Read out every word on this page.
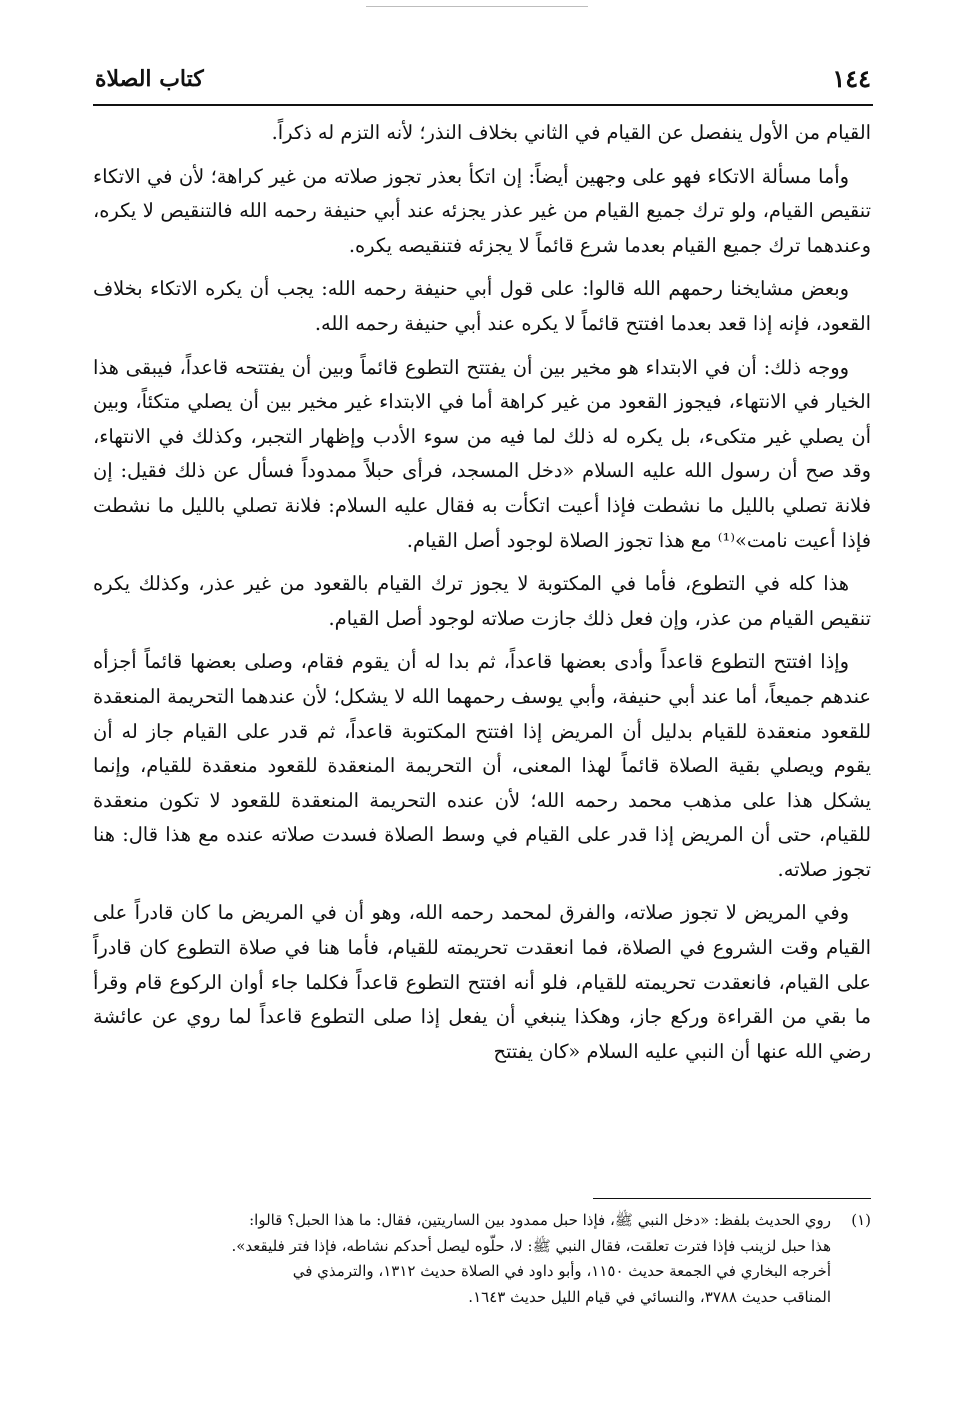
كتاب الصلاة	١٤٤

القيام من الأول ينفصل عن القيام في الثاني بخلاف النذر؛ لأنه التزم له ذكراً.

وأما مسألة الاتكاء فهو على وجهين أيضاً: إن اتكأ بعذر تجوز صلاته من غير كراهة؛ لأن في الاتكاء تنقيص القيام، ولو ترك جميع القيام من غير عذر يجزئه عند أبي حنيفة رحمه الله فالتنقيص لا يكره، وعندهما ترك جميع القيام بعدما شرع قائماً لا يجزئه فتنقيصه يكره.

وبعض مشايخنا رحمهم الله قالوا: على قول أبي حنيفة رحمه الله: يجب أن يكره الاتكاء بخلاف القعود، فإنه إذا قعد بعدما افتتح قائماً لا يكره عند أبي حنيفة رحمه الله.

ووجه ذلك: أن في الابتداء هو مخير بين أن يفتتح التطوع قائماً وبين أن يفتتحه قاعداً، فيبقى هذا الخيار في الانتهاء، فيجوز القعود من غير كراهة أما في الابتداء غير مخير بين أن يصلي متكئاً، وبين أن يصلي غير متكىء، بل يكره له ذلك لما فيه من سوء الأدب وإظهار التجبر، وكذلك في الانتهاء، وقد صح أن رسول الله عليه السلام «دخل المسجد، فرأى حبلاً ممدوداً فسأل عن ذلك فقيل: إن فلانة تصلي بالليل ما نشطت فإذا أعيت اتكأت به فقال عليه السلام: فلانة تصلي بالليل ما نشطت فإذا أعيت نامت»⁽¹⁾ مع هذا تجوز الصلاة لوجود أصل القيام.

هذا كله في التطوع، فأما في المكتوبة لا يجوز ترك القيام بالقعود من غير عذر، وكذلك يكره تنقيص القيام من عذر، وإن فعل ذلك جازت صلاته لوجود أصل القيام.

وإذا افتتح التطوع قاعداً وأدى بعضها قاعداً، ثم بدا له أن يقوم فقام، وصلى بعضها قائماً أجزأه عندهم جميعاً، أما عند أبي حنيفة، وأبي يوسف رحمهما الله لا يشكل؛ لأن عندهما التحريمة المنعقدة للقعود منعقدة للقيام بدليل أن المريض إذا افتتح المكتوبة قاعداً، ثم قدر على القيام جاز له أن يقوم ويصلي بقية الصلاة قائماً لهذا المعنى، أن التحريمة المنعقدة للقعود منعقدة للقيام، وإنما يشكل هذا على مذهب محمد رحمه الله؛ لأن عنده التحريمة المنعقدة للقعود لا تكون منعقدة للقيام، حتى أن المريض إذا قدر على القيام في وسط الصلاة فسدت صلاته عنده مع هذا قال: هنا تجوز صلاته.

وفي المريض لا تجوز صلاته، والفرق لمحمد رحمه الله، وهو أن في المريض ما كان قادراً على القيام وقت الشروع في الصلاة، فما انعقدت تحريمته للقيام، فأما هنا في صلاة التطوع كان قادراً على القيام، فانعقدت تحريمته للقيام، فلو أنه افتتح التطوع قاعداً فكلما جاء أوان الركوع قام وقرأ ما بقي من القراءة وركع جاز، وهكذا ينبغي أن يفعل إذا صلى التطوع قاعداً لما روي عن عائشة رضي الله عنها أن النبي عليه السلام «كان يفتتح

(١)

روي الحديث بلفظ: «دخل النبي ﷺ، فإذا حبل ممدود بين الساريتين، فقال: ما هذا الحبل؟ قالوا:

هذا حبل لزينب فإذا فترت تعلقت، فقال النبي ﷺ: لا، حلّوه ليصل أحدكم نشاطه، فإذا فتر فليقعد».

أخرجه البخاري في الجمعة حديث ١١٥٠، وأبو داود في الصلاة حديث ١٣١٢، والترمذي في

المناقب حديث ٣٧٨٨، والنسائي في قيام الليل حديث ١٦٤٣.
